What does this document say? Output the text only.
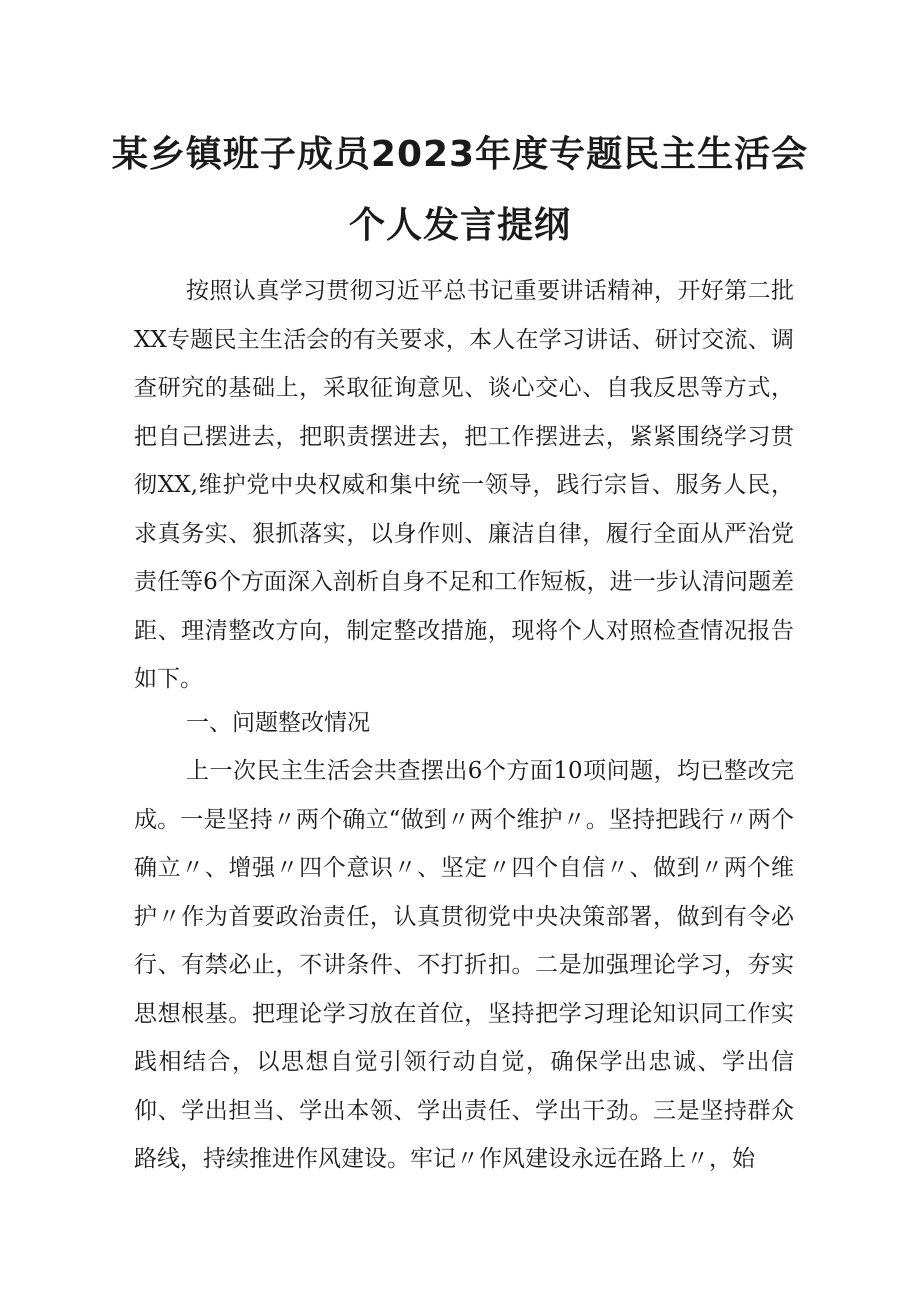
某乡镇班子成员2023年度专题民主生活会
个人发言提纲

按照认真学习贯彻习近平总书记重要讲话精神，开好第二批XX专题民主生活会的有关要求，本人在学习讲话、研讨交流、调查研究的基础上，采取征询意见、谈心交心、自我反思等方式，把自己摆进去，把职责摆进去，把工作摆进去，紧紧围绕学习贯彻XX,维护党中央权威和集中统一领导，践行宗旨、服务人民，求真务实、狠抓落实，以身作则、廉洁自律，履行全面从严治党责任等6个方面深入剖析自身不足和工作短板，进一步认清问题差距、理清整改方向，制定整改措施，现将个人对照检查情况报告如下。

一、问题整改情况

上一次民主生活会共查摆出6个方面10项问题，均已整改完成。一是坚持〃两个确立“做到〃两个维护〃。坚持把践行〃两个确立〃、增强〃四个意识〃、坚定〃四个自信〃、做到〃两个维护〃作为首要政治责任，认真贯彻党中央决策部署，做到有令必行、有禁必止，不讲条件、不打折扣。二是加强理论学习，夯实思想根基。把理论学习放在首位，坚持把学习理论知识同工作实践相结合，以思想自觉引领行动自觉，确保学出忠诚、学出信仰、学出担当、学出本领、学出责任、学出干劲。三是坚持群众路线，持续推进作风建设。牢记〃作风建设永远在路上〃，始
